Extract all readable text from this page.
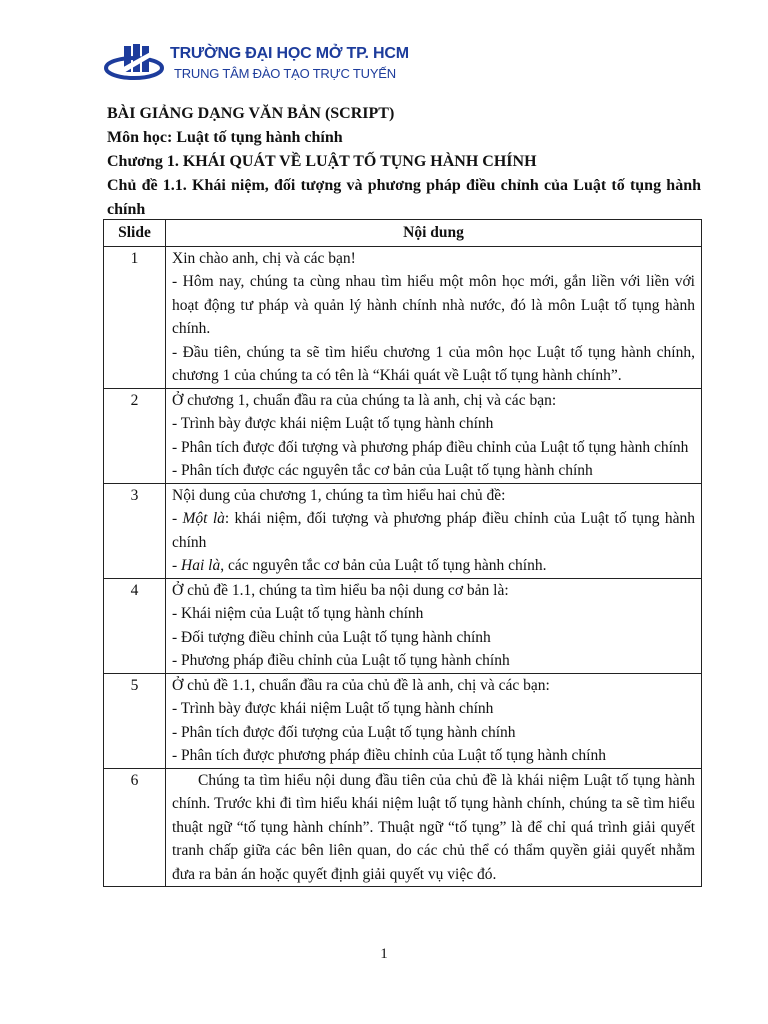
TRƯỜNG ĐẠI HỌC MỞ TP. HCM
TRUNG TÂM ĐÀO TẠO TRỰC TUYẾN
BÀI GIẢNG DẠNG VĂN BẢN (SCRIPT)
Môn học: Luật tố tụng hành chính
Chương 1. KHÁI QUÁT VỀ LUẬT TỐ TỤNG HÀNH CHÍNH
Chủ đề 1.1. Khái niệm, đối tượng và phương pháp điều chỉnh của Luật tố tụng hành chính
Slide	Nội dung
1	Xin chào anh, chị và các bạn!

- Hôm nay, chúng ta cùng nhau tìm hiểu một môn học mới, gắn liền với liền với hoạt động tư pháp và quản lý hành chính nhà nước, đó là môn Luật tố tụng hành chính.

- Đầu tiên, chúng ta sẽ tìm hiểu chương 1 của môn học Luật tố tụng hành chính, chương 1 của chúng ta có tên là “Khái quát về Luật tố tụng hành chính”.

2	Ở chương 1, chuẩn đầu ra của chúng ta là anh, chị và các bạn:

- Trình bày được khái niệm Luật tố tụng hành chính

- Phân tích được đối tượng và phương pháp điều chỉnh của Luật tố tụng hành chính

- Phân tích được các nguyên tắc cơ bản của Luật tố tụng hành chính

3	Nội dung của chương 1, chúng ta tìm hiểu hai chủ đề:

- Một là: khái niệm, đối tượng và phương pháp điều chỉnh của Luật tố tụng hành chính

- Hai là, các nguyên tắc cơ bản của Luật tố tụng hành chính.

4	Ở chủ đề 1.1, chúng ta tìm hiểu ba nội dung cơ bản là:

- Khái niệm của Luật tố tụng hành chính

- Đối tượng điều chỉnh của Luật tố tụng hành chính

- Phương pháp điều chỉnh của Luật tố tụng hành chính

5	Ở chủ đề 1.1, chuẩn đầu ra của chủ đề là anh, chị và các bạn:

- Trình bày được khái niệm Luật tố tụng hành chính

- Phân tích được đối tượng của Luật tố tụng hành chính

- Phân tích được phương pháp điều chỉnh của Luật tố tụng hành chính

6	Chúng ta tìm hiểu nội dung đầu tiên của chủ đề là khái niệm Luật tố tụng hành chính. Trước khi đi tìm hiểu khái niệm luật tố tụng hành chính, chúng ta sẽ tìm hiểu thuật ngữ “tố tụng hành chính”. Thuật ngữ “tố tụng” là để chỉ quá trình giải quyết tranh chấp giữa các bên liên quan, do các chủ thể có thẩm quyền giải quyết nhằm đưa ra bản án hoặc quyết định giải quyết vụ việc đó.

1
